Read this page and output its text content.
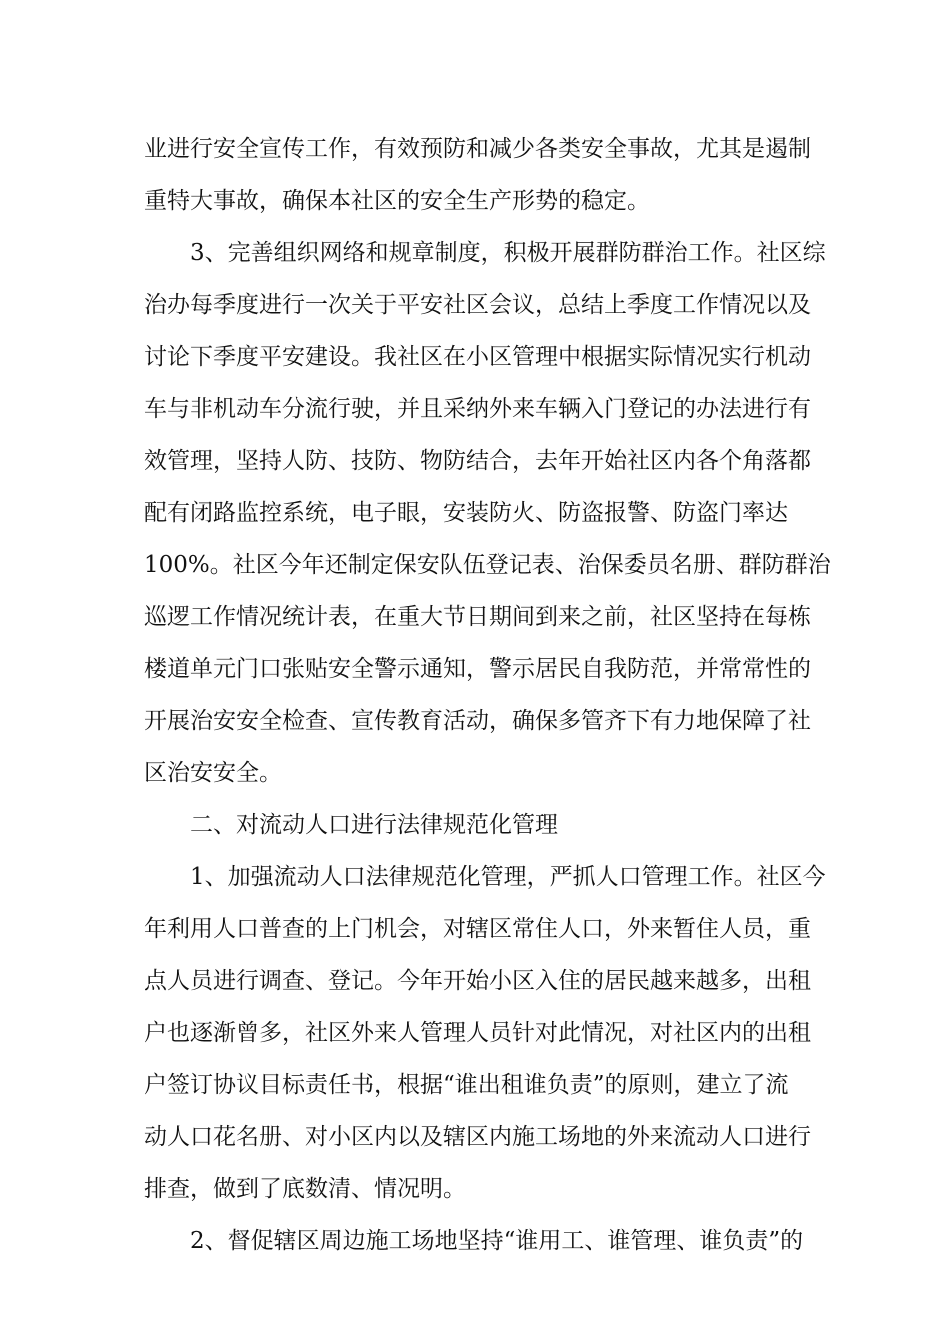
业进行安全宣传工作，有效预防和减少各类安全事故，尤其是遏制
重特大事故，确保本社区的安全生产形势的稳定。
3、完善组织网络和规章制度，积极开展群防群治工作。社区综
治办每季度进行一次关于平安社区会议，总结上季度工作情况以及
讨论下季度平安建设。我社区在小区管理中根据实际情况实行机动
车与非机动车分流行驶，并且采纳外来车辆入门登记的办法进行有
效管理，坚持人防、技防、物防结合，去年开始社区内各个角落都
配有闭路监控系统，电子眼，安装防火、防盗报警、防盗门率达
100%。社区今年还制定保安队伍登记表、治保委员名册、群防群治
巡逻工作情况统计表，在重大节日期间到来之前，社区坚持在每栋
楼道单元门口张贴安全警示通知，警示居民自我防范，并常常性的
开展治安安全检查、宣传教育活动，确保多管齐下有力地保障了社
区治安安全。
二、对流动人口进行法律规范化管理
1、加强流动人口法律规范化管理，严抓人口管理工作。社区今
年利用人口普查的上门机会，对辖区常住人口，外来暂住人员，重
点人员进行调查、登记。今年开始小区入住的居民越来越多，出租
户也逐渐曾多，社区外来人管理人员针对此情况，对社区内的出租
户签订协议目标责任书，根据“谁出租谁负责”的原则，建立了流
动人口花名册、对小区内以及辖区内施工场地的外来流动人口进行
排查，做到了底数清、情况明。
2、督促辖区周边施工场地坚持“谁用工、谁管理、谁负责”的
